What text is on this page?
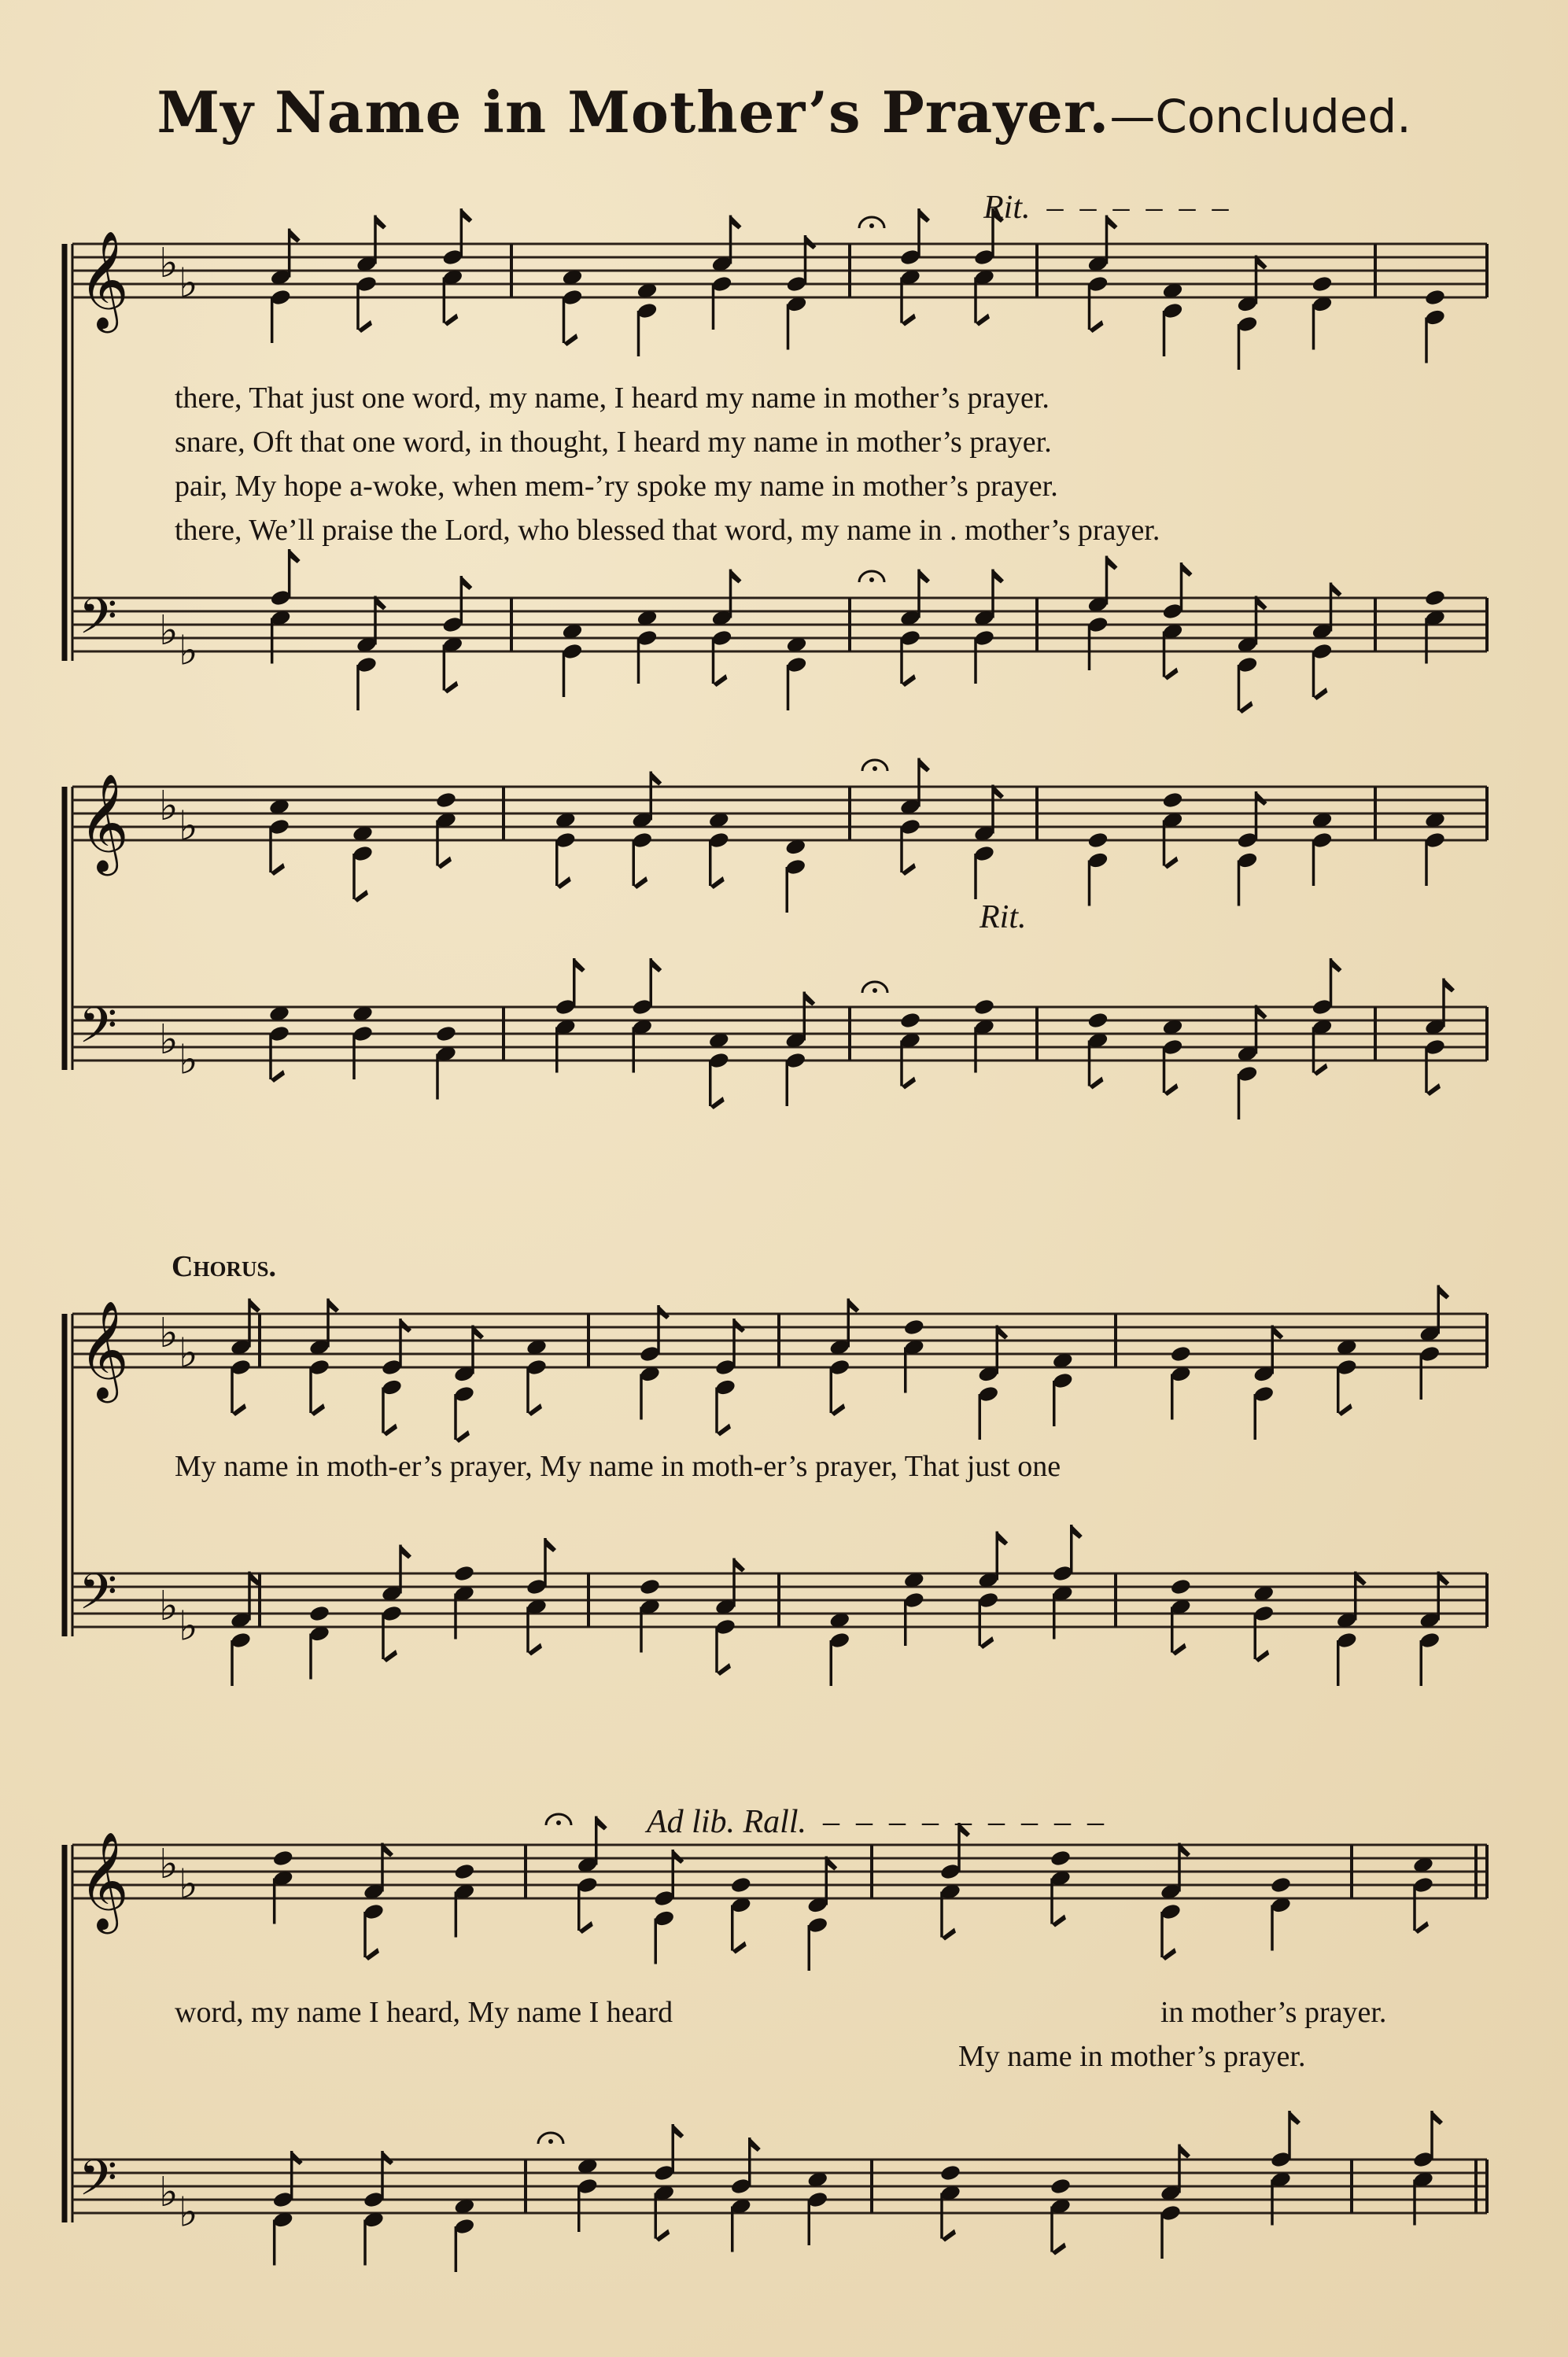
My Name in Mother’s Prayer.—Concluded.
𝄞 ♭ ♭
𝄢 ♭ ♭
𝄞 ♭ ♭
𝄢 ♭ ♭
𝄞 ♭ ♭
𝄢 ♭ ♭
𝄞 ♭ ♭
𝄢 ♭ ♭
Rit.  –  –  –  –  –  –
Rit.
Chorus.
Ad lib. Rall.  –  –  –  –  –  –  –  –  –
there, That just one word, my name, I heard my name in mother’s prayer.
snare, Oft that one word, in thought, I heard my name in mother’s prayer.
pair, My hope a-woke, when mem-’ry spoke my name in mother’s prayer.
there, We’ll praise the Lord, who blessed that word, my name in . mother’s prayer.
My name in moth-er’s prayer, My name in moth-er’s prayer, That just one
word, my name I heard, My name I heard	in mother’s prayer.
My name in mother’s prayer.
